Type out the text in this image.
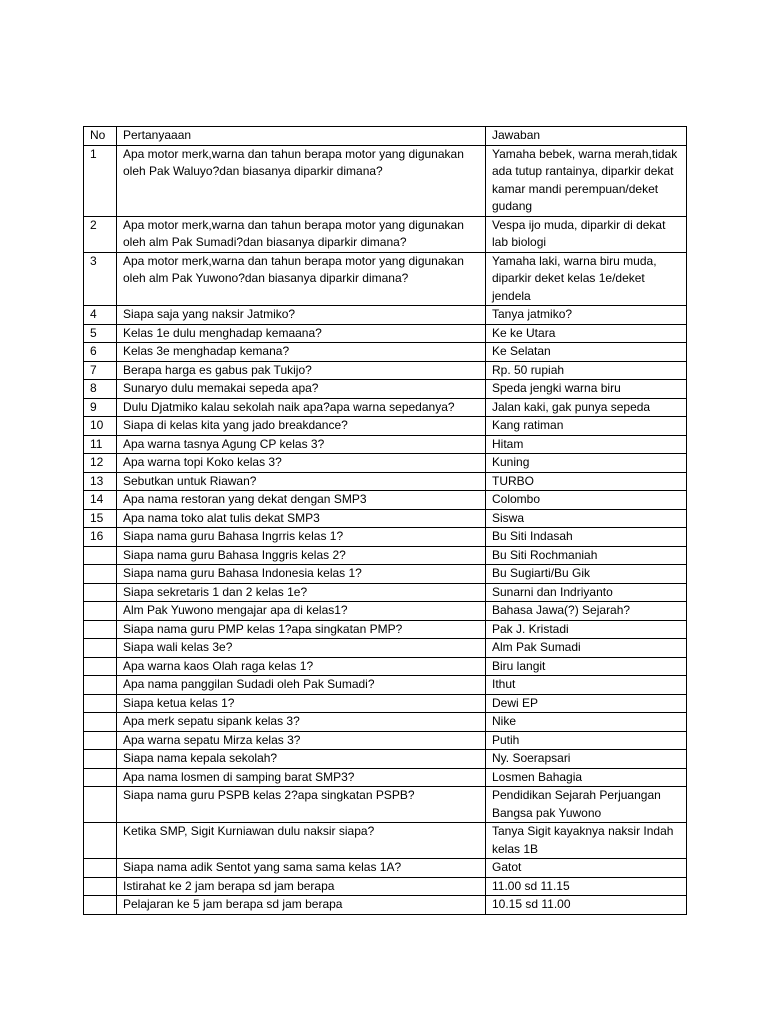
No	Pertanyaaan	Jawaban
1	Apa motor merk,warna dan tahun berapa motor yang digunakan oleh Pak Waluyo?dan biasanya diparkir dimana?	Yamaha bebek, warna merah,tidak ada tutup rantainya, diparkir dekat kamar mandi perempuan/deket gudang
2	Apa motor merk,warna dan tahun berapa motor yang digunakan oleh alm Pak Sumadi?dan biasanya diparkir dimana?	Vespa ijo muda, diparkir di dekat lab biologi
3	Apa motor merk,warna dan tahun berapa motor yang digunakan oleh alm Pak Yuwono?dan biasanya diparkir dimana?	Yamaha laki, warna biru muda, diparkir deket kelas 1e/deket jendela
4	Siapa saja yang naksir Jatmiko?	Tanya jatmiko?
5	Kelas 1e dulu menghadap kemaana?	Ke ke Utara
6	Kelas 3e menghadap kemana?	Ke Selatan
7	Berapa harga es gabus pak Tukijo?	Rp. 50 rupiah
8	Sunaryo dulu memakai sepeda apa?	Speda jengki warna biru
9	Dulu Djatmiko kalau sekolah naik apa?apa warna sepedanya?	Jalan kaki, gak punya sepeda
10	Siapa di kelas kita yang jado breakdance?	Kang ratiman
11	Apa warna tasnya Agung CP kelas 3?	Hitam
12	Apa warna topi Koko kelas 3?	Kuning
13	Sebutkan untuk Riawan?	TURBO
14	Apa nama restoran yang dekat dengan SMP3	Colombo
15	Apa nama toko alat tulis dekat SMP3	Siswa
16	Siapa nama guru Bahasa Ingrris kelas 1?	Bu Siti Indasah
	Siapa nama guru Bahasa Inggris kelas 2?	Bu Siti Rochmaniah
	Siapa nama guru Bahasa Indonesia kelas 1?	Bu Sugiarti/Bu Gik
	Siapa sekretaris 1 dan 2 kelas 1e?	Sunarni dan Indriyanto
	Alm Pak Yuwono mengajar apa di kelas1?	Bahasa Jawa(?) Sejarah?
	Siapa nama guru PMP kelas 1?apa singkatan PMP?	Pak J. Kristadi
	Siapa wali kelas 3e?	Alm Pak Sumadi
	Apa warna kaos Olah raga kelas 1?	Biru langit
	Apa nama panggilan Sudadi oleh Pak Sumadi?	Ithut
	Siapa ketua kelas 1?	Dewi EP
	Apa merk sepatu sipank kelas 3?	Nike
	Apa warna sepatu Mirza kelas 3?	Putih
	Siapa nama kepala sekolah?	Ny. Soerapsari
	Apa nama losmen di samping barat SMP3?	Losmen Bahagia
	Siapa nama guru PSPB kelas 2?apa singkatan PSPB?	Pendidikan Sejarah Perjuangan Bangsa pak Yuwono
	Ketika SMP, Sigit Kurniawan dulu naksir siapa?	Tanya Sigit kayaknya naksir Indah kelas 1B
	Siapa nama adik Sentot yang sama sama kelas 1A?	Gatot
	Istirahat ke 2 jam berapa sd jam berapa	11.00 sd 11.15
	Pelajaran ke 5 jam berapa sd jam berapa	10.15 sd 11.00
